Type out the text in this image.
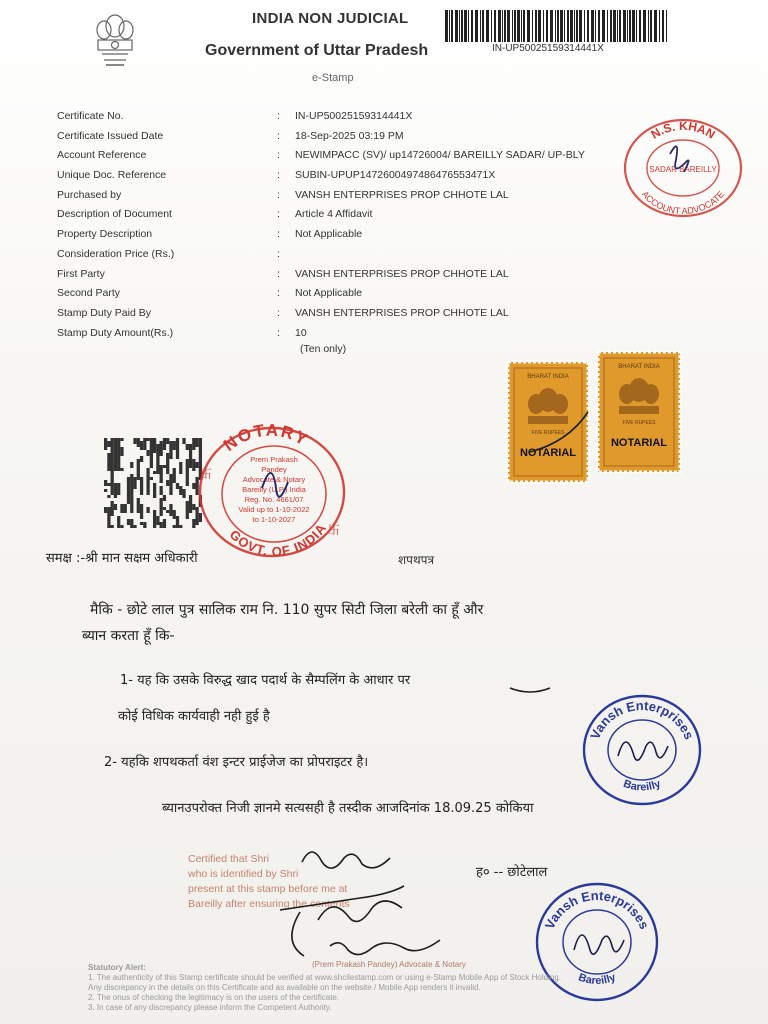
INDIA NON JUDICIAL
Government of Uttar Pradesh
e-Stamp
IN-UP50025159314441X
Certificate No.	: IN-UP50025159314441X
Certificate Issued Date	: 18-Sep-2025 03:19 PM
Account Reference	: NEWIMPACC (SV)/ up14726004/ BAREILLY SADAR/ UP-BLY
Unique Doc. Reference	: SUBIN-UPUP1472600497486476553471X
Purchased by	: VANSH ENTERPRISES PROP CHHOTE LAL
Description of Document	: Article 4 Affidavit
Property Description	: Not Applicable
Consideration Price (Rs.)	:
First Party	: VANSH ENTERPRISES PROP CHHOTE LAL
Second Party	: Not Applicable
Stamp Duty Paid By	: VANSH ENTERPRISES PROP CHHOTE LAL
Stamp Duty Amount(Rs.)	: 10
(Ten only)
N.S. KHAN
SADAR BAREILLY
ACCOUNT ADVOCATE
NOTARY
GOVT. OF INDIA
Prem Prakash
Pandey
Advocate & Notary
Bareilly (U.P.) India
Reg. No. 4661/07
Valid up to 1-10-2022
to 1-10-2027
卐
卐
BHARAT INDIA
FIVE RUPEES
NOTARIAL
BHARAT INDIA
FIVE RUPEES
NOTARIAL
समक्ष :-श्री मान सक्षम अधिकारी	शपथपत्र
मैकि - छोटे लाल पुत्र सालिक राम नि. 110 सुपर सिटी जिला बरेली का हूँ और
ब्यान करता हूँ कि-
1- यह कि उसके विरुद्ध खाद पदार्थ के सैम्पलिंग के आधार पर
कोई विधिक कार्यवाही नही हुई है
2- यहकि शपथकर्ता वंश इन्टर प्राईजेज का प्रोपराइटर है।
ब्यानउपरोक्त निजी ज्ञानमे सत्यसही है तस्दीक आजदिनांक 18.09.25 कोकिया
ह० -- छोटेलाल
Vansh Enterprises
Bareilly
Vansh Enterprises
Bareilly
Certified that Shri
who is identified by Shri
present at this stamp before me at
Bareilly after ensuring the contents
(Prem Prakash Pandey) Advocate & Notary
Statutory Alert:
1. The authenticity of this Stamp certificate should be verified at www.shcilestamp.com or using e-Stamp Mobile App of Stock Holding.
Any discrepancy in the details on this Certificate and as available on the website / Mobile App renders it invalid.
2. The onus of checking the legitimacy is on the users of the certificate.
3. In case of any discrepancy please inform the Competent Authority.
